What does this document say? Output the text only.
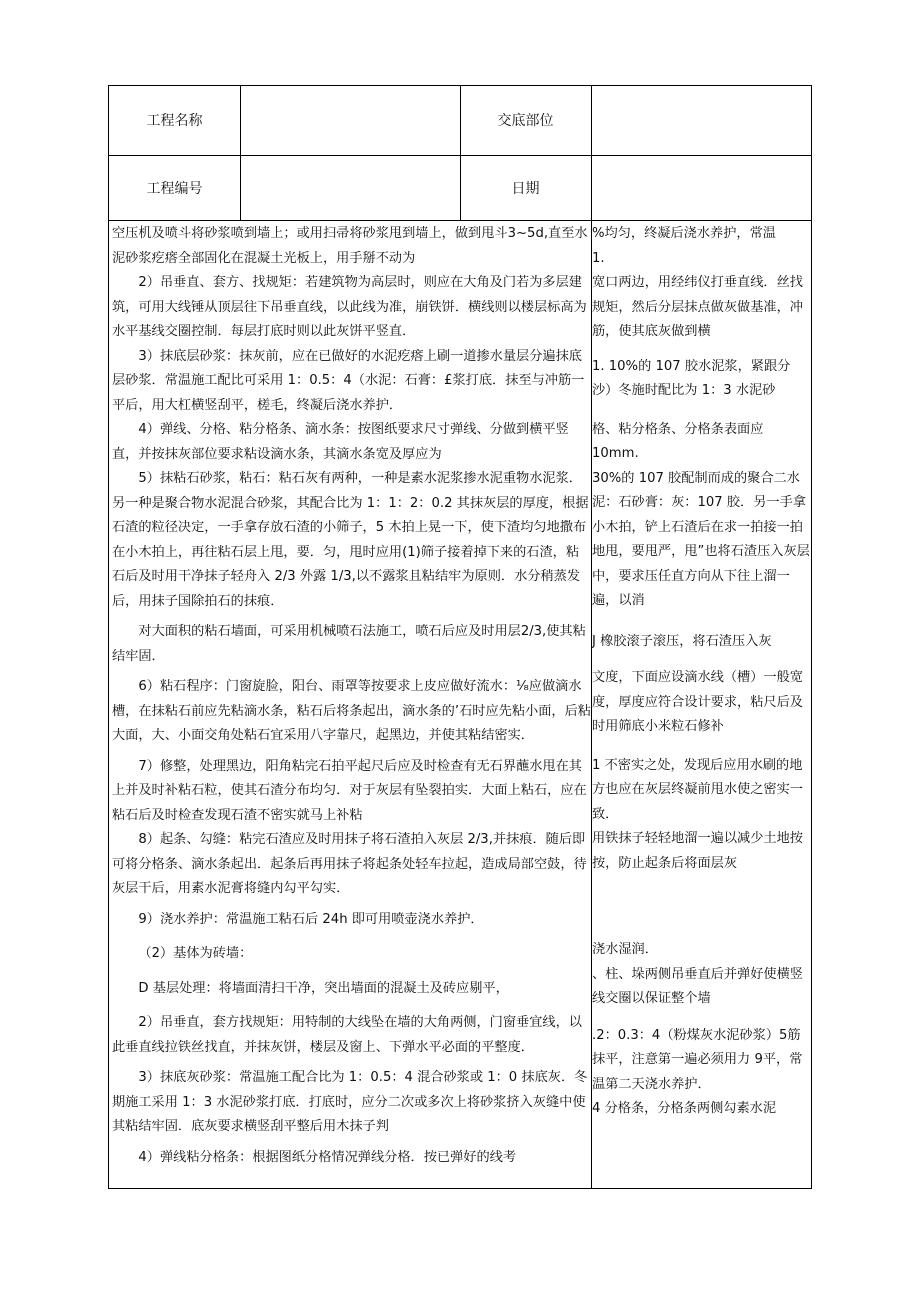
工程名称	交底部位
工程编号	日期

空压机及喷斗将砂浆喷到墙上；或用扫帚将砂浆甩到墙上，做到甩斗3~5d,直至水泥砂浆疙瘩全部固化在混凝土光板上，用手掰不动为

2）吊垂直、套方、找规矩：若建筑物为高层时，则应在大角及门若为多层建筑，可用大线锤从顶层往下吊垂直线，以此线为准，崩铁饼．横线则以楼层标高为水平基线交圈控制．每层打底时则以此灰饼平竖直．

3）抹底层砂浆：抹灰前，应在已做好的水泥疙瘩上刷一道掺水量层分遍抹底层砂浆．常温施工配比可采用 1：0.5：4（水泥：石膏：£浆打底．抹至与冲筋一平后，用大杠横竖刮平，槎毛，终凝后浇水养护．

4）弹线、分格、粘分格条、滴水条：按图纸要求尺寸弹线、分做到横平竖直，并按抹灰部位要求粘设滴水条，其滴水条宽及厚应为

5）抹粘石砂浆，粘石：粘石灰有两种，一种是素水泥浆掺水泥重物水泥浆．另一种是聚合物水泥混合砂浆，其配合比为 1：1：2：0.2 其抹灰层的厚度，根据石渣的粒径决定，一手拿存放石渣的小筛子，5 木拍上晃一下，使下渣均匀地撒布在小木拍上，再往粘石层上甩，要．匀，甩时应用(1)筛子接着掉下来的石渣，粘石后及时用干净抹子轻舟入 2/3 外露 1/3,以不露浆且粘结牢为原则．水分稍蒸发后，用抹子国除拍石的抹痕．

对大面积的粘石墙面，可采用机械喷石法施工，喷石后应及时用层2/3,使其粘结牢固．

6）粘石程序：门窗旋脸，阳台、雨罩等按要求上皮应做好流水：¹⁄₈应做滴水槽，在抹粘石前应先粘滴水条，粘石后将条起出，滴水条的’石时应先粘小面，后粘大面，大、小面交角处粘石宜采用八字靠尺，起黑边，并使其粘结密实．

7）修整，处理黑边，阳角粘完石拍平起尺后应及时检查有无石界蘸水甩在其上并及时补粘石粒，使其石渣分布均匀．对于灰层有坠裂拍实．大面上粘石，应在粘石后及时检查发现石渣不密实就马上补粘

8）起条、勾缝：粘完石渣应及时用抹子将石渣拍入灰层 2/3,并抹痕．随后即可将分格条、滴水条起出．起条后再用抹子将起条处轻车拉起，造成局部空鼓，待灰层干后，用素水泥膏将缝内勾平勾实．

9）浇水养护：常温施工粘石后 24h 即可用喷壶浇水养护．

（2）基体为砖墙：

D 基层处理：将墙面清扫干净，突出墙面的混凝土及砖应剔平，

2）吊垂直，套方找规矩：用特制的大线坠在墙的大角两侧，门窗垂宜线，以此垂直线拉铁丝找直，并抹灰饼，楼层及窗上、下弹水平必面的平整度．

3）抹底灰砂浆：常温施工配合比为 1：0.5：4 混合砂浆或 1：0 抹底灰．冬期施工采用 1：3 水泥砂浆打底．打底时，应分二次或多次上将砂浆挤入灰缝中使其粘结牢固．底灰要求横竖刮平整后用木抹子判

4）弹线粘分格条：根据图纸分格情况弹线分格．按已弹好的线考

%均匀，终凝后浇水养护，常温

1.

宽口两边，用经纬仪打垂直线．丝找规矩，然后分层抹点做灰做基准，冲筋，使其底灰做到横

1. 10%的 107 胶水泥浆，紧跟分沙）冬施时配比为 1：3 水泥砂

格、粘分格条、分格条表面应

10mm.

30%的 107 胶配制而成的聚合二水泥：石砂膏：灰：107 胶．另一手拿小木拍，铲上石渣后在求一拍接一拍地甩，要甩严，甩”也将石渣压入灰层中，要求压任直方向从下往上溜一遍，以消

J 橡胶滚子滚压，将石渣压入灰

文度，下面应设滴水线（槽）一般宽度，厚度应符合设计要求，粘尺后及时用筛底小米粒石修补

1 不密实之处，发现后应用水刷的地方也应在灰层终凝前甩水使之密实一致．

用铁抹子轻轻地溜一遍以减少土地按按，防止起条后将面层灰

浇水湿润．

、柱、垛两侧吊垂直后并弹好使横竖线交圈以保证整个墙

.2：0.3：4（粉煤灰水泥砂浆）5筋抹平，注意第一遍必须用力 9平，常温第二天浇水养护．

4 分格条，分格条两侧勾素水泥
